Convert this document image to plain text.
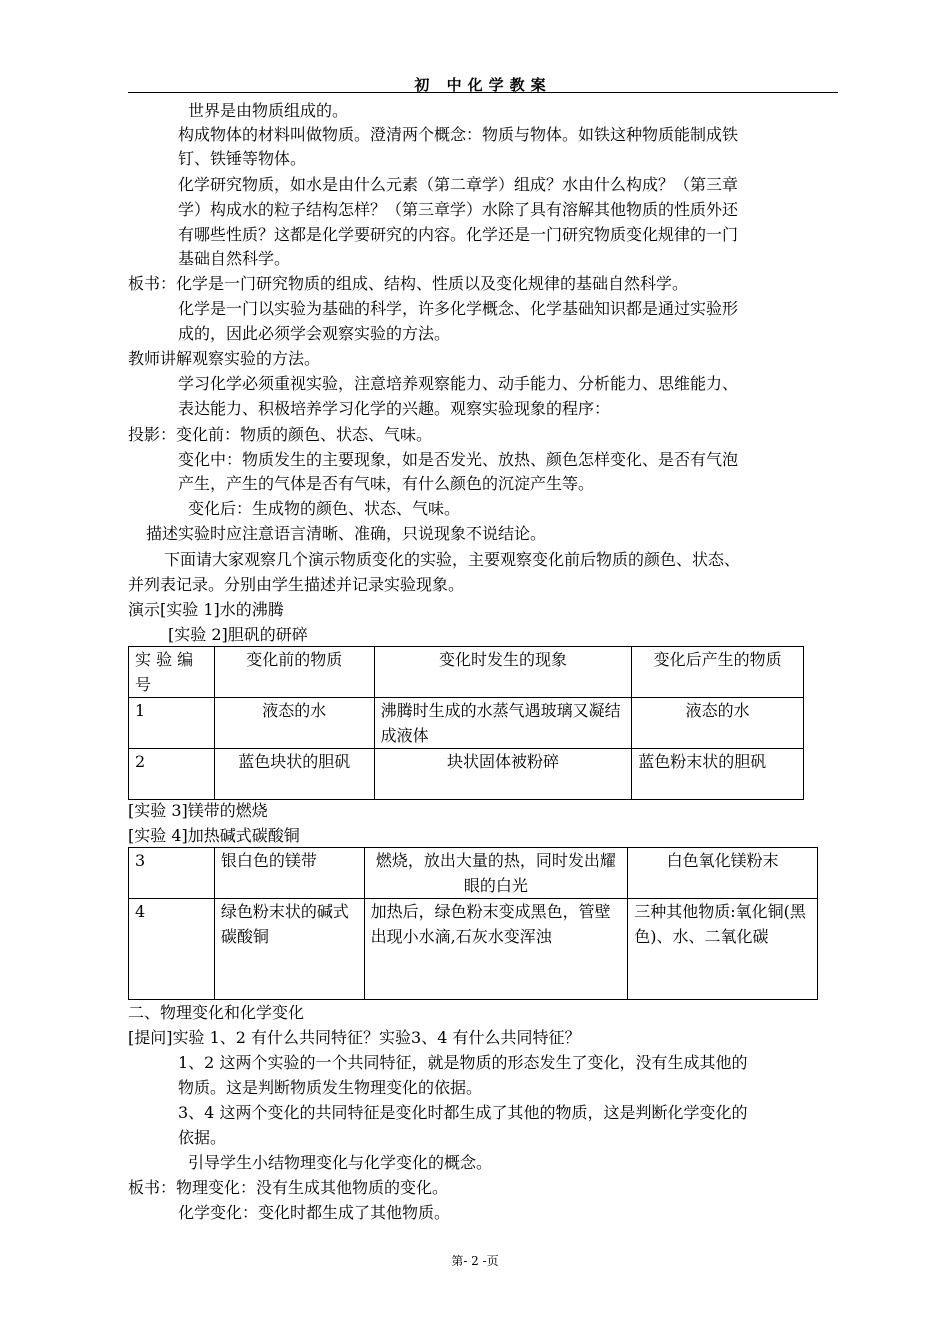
初 中化学教案
世界是由物质组成的。
构成物体的材料叫做物质。澄清两个概念：物质与物体。如铁这种物质能制成铁
钉、铁锤等物体。
化学研究物质，如水是由什么元素（第二章学）组成？水由什么构成？（第三章
学）构成水的粒子结构怎样？（第三章学）水除了具有溶解其他物质的性质外还
有哪些性质？这都是化学要研究的内容。化学还是一门研究物质变化规律的一门
基础自然科学。
板书：化学是一门研究物质的组成、结构、性质以及变化规律的基础自然科学。
化学是一门以实验为基础的科学，许多化学概念、化学基础知识都是通过实验形
成的，因此必须学会观察实验的方法。
教师讲解观察实验的方法。
学习化学必须重视实验，注意培养观察能力、动手能力、分析能力、思维能力、
表达能力、积极培养学习化学的兴趣。观察实验现象的程序：
投影：变化前：物质的颜色、状态、气味。
变化中：物质发生的主要现象，如是否发光、放热、颜色怎样变化、是否有气泡
产生，产生的气体是否有气味，有什么颜色的沉淀产生等。
变化后：生成物的颜色、状态、气味。
描述实验时应注意语言清晰、准确，只说现象不说结论。
下面请大家观察几个演示物质变化的实验，主要观察变化前后物质的颜色、状态、
并列表记录。分别由学生描述并记录实验现象。
演示[实验 1]水的沸腾
[实验 2]胆矾的研碎
实 验 编 号	变化前的物质	变化时发生的现象	变化后产生的物质
1	液态的水	沸腾时生成的水蒸气遇玻璃又凝结成液体	液态的水
2	蓝色块状的胆矾	块状固体被粉碎	蓝色粉末状的胆矾
[实验 3]镁带的燃烧
[实验 4]加热碱式碳酸铜
3	银白色的镁带	燃烧，放出大量的热，同时发出耀眼的白光	白色氧化镁粉末
4	绿色粉末状的碱式碳酸铜	加热后，绿色粉末变成黑色，管壁出现小水滴,石灰水变浑浊	三种其他物质:氧化铜(黑色)、水、二氧化碳
二、物理变化和化学变化
[提问]实验 1、2 有什么共同特征？实验3、4 有什么共同特征？
1、2 这两个实验的一个共同特征，就是物质的形态发生了变化，没有生成其他的
物质。这是判断物质发生物理变化的依据。
3、4 这两个变化的共同特征是变化时都生成了其他的物质，这是判断化学变化的
依据。
引导学生小结物理变化与化学变化的概念。
板书：物理变化：没有生成其他物质的变化。
化学变化：变化时都生成了其他物质。
第- 2 -页
